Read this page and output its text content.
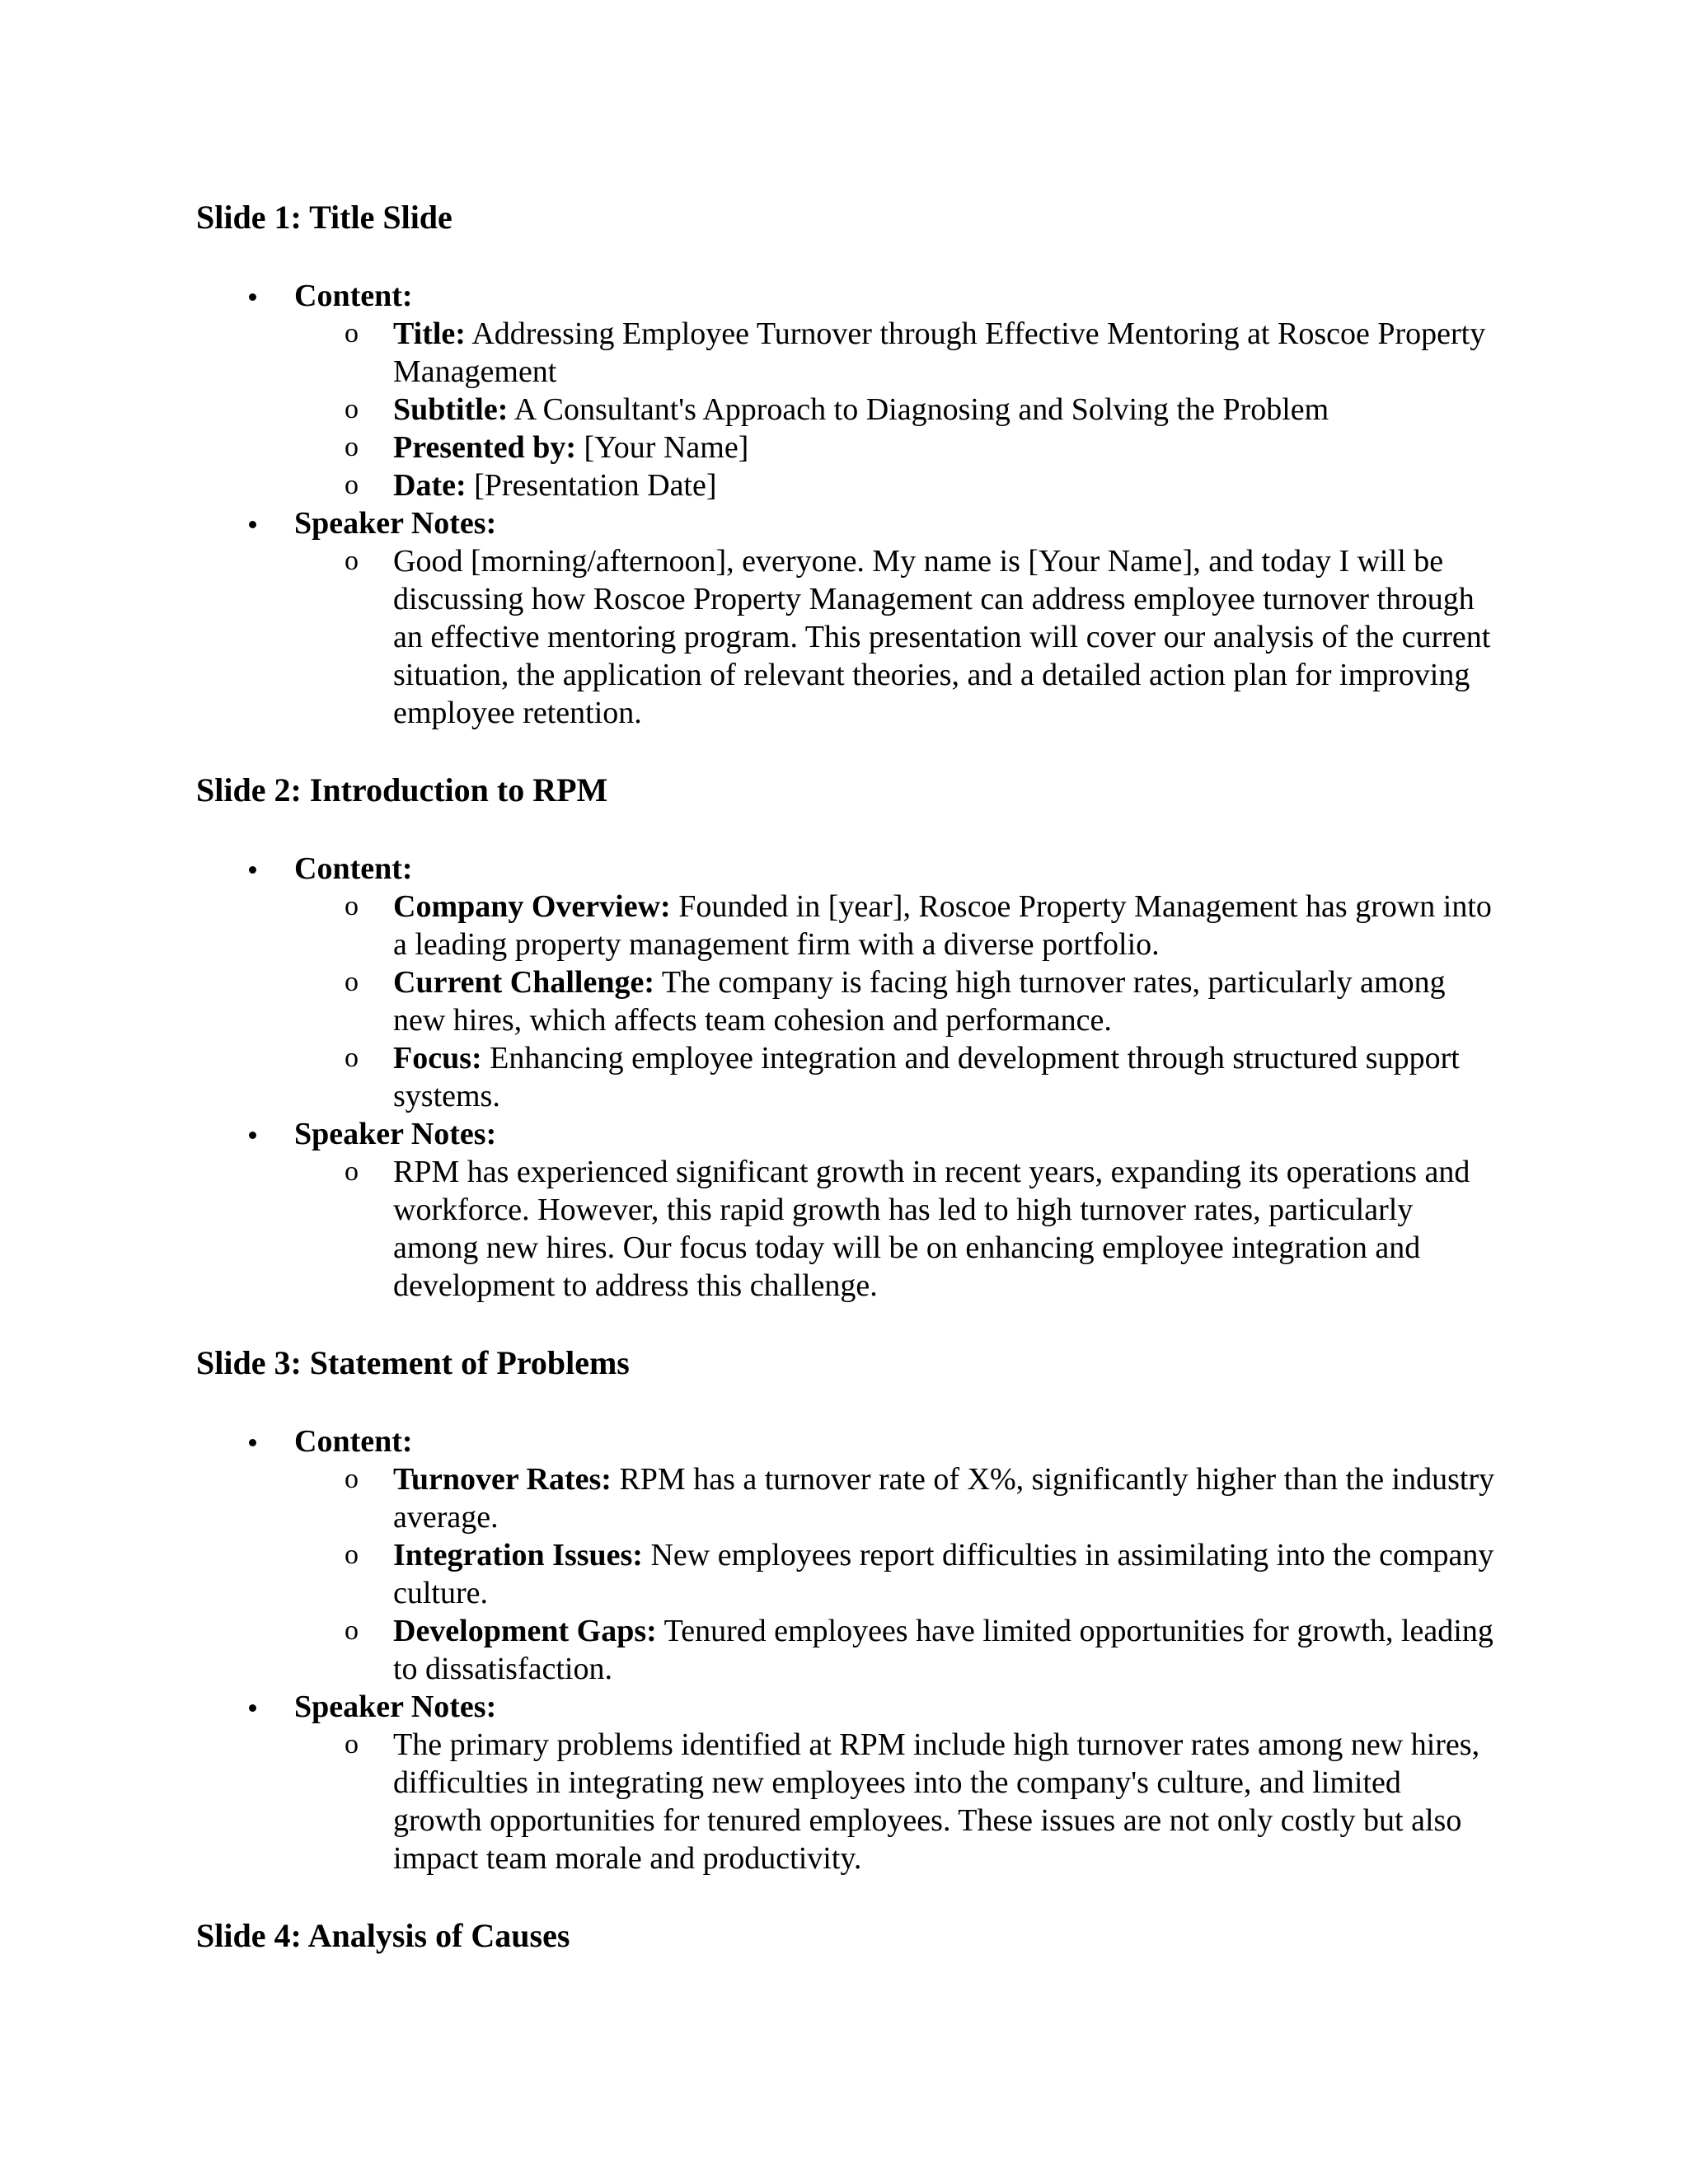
Slide 1: Title Slide
Content:
o Title: Addressing Employee Turnover through Effective Mentoring at Roscoe Property Management
o Subtitle: A Consultant's Approach to Diagnosing and Solving the Problem
o Presented by: [Your Name]
o Date: [Presentation Date]
Speaker Notes:
o Good [morning/afternoon], everyone. My name is [Your Name], and today I will be discussing how Roscoe Property Management can address employee turnover through an effective mentoring program. This presentation will cover our analysis of the current situation, the application of relevant theories, and a detailed action plan for improving employee retention.
Slide 2: Introduction to RPM
Content:
o Company Overview: Founded in [year], Roscoe Property Management has grown into a leading property management firm with a diverse portfolio.
o Current Challenge: The company is facing high turnover rates, particularly among new hires, which affects team cohesion and performance.
o Focus: Enhancing employee integration and development through structured support systems.
Speaker Notes:
o RPM has experienced significant growth in recent years, expanding its operations and workforce. However, this rapid growth has led to high turnover rates, particularly among new hires. Our focus today will be on enhancing employee integration and development to address this challenge.
Slide 3: Statement of Problems
Content:
o Turnover Rates: RPM has a turnover rate of X%, significantly higher than the industry average.
o Integration Issues: New employees report difficulties in assimilating into the company culture.
o Development Gaps: Tenured employees have limited opportunities for growth, leading to dissatisfaction.
Speaker Notes:
o The primary problems identified at RPM include high turnover rates among new hires, difficulties in integrating new employees into the company's culture, and limited growth opportunities for tenured employees. These issues are not only costly but also impact team morale and productivity.
Slide 4: Analysis of Causes
